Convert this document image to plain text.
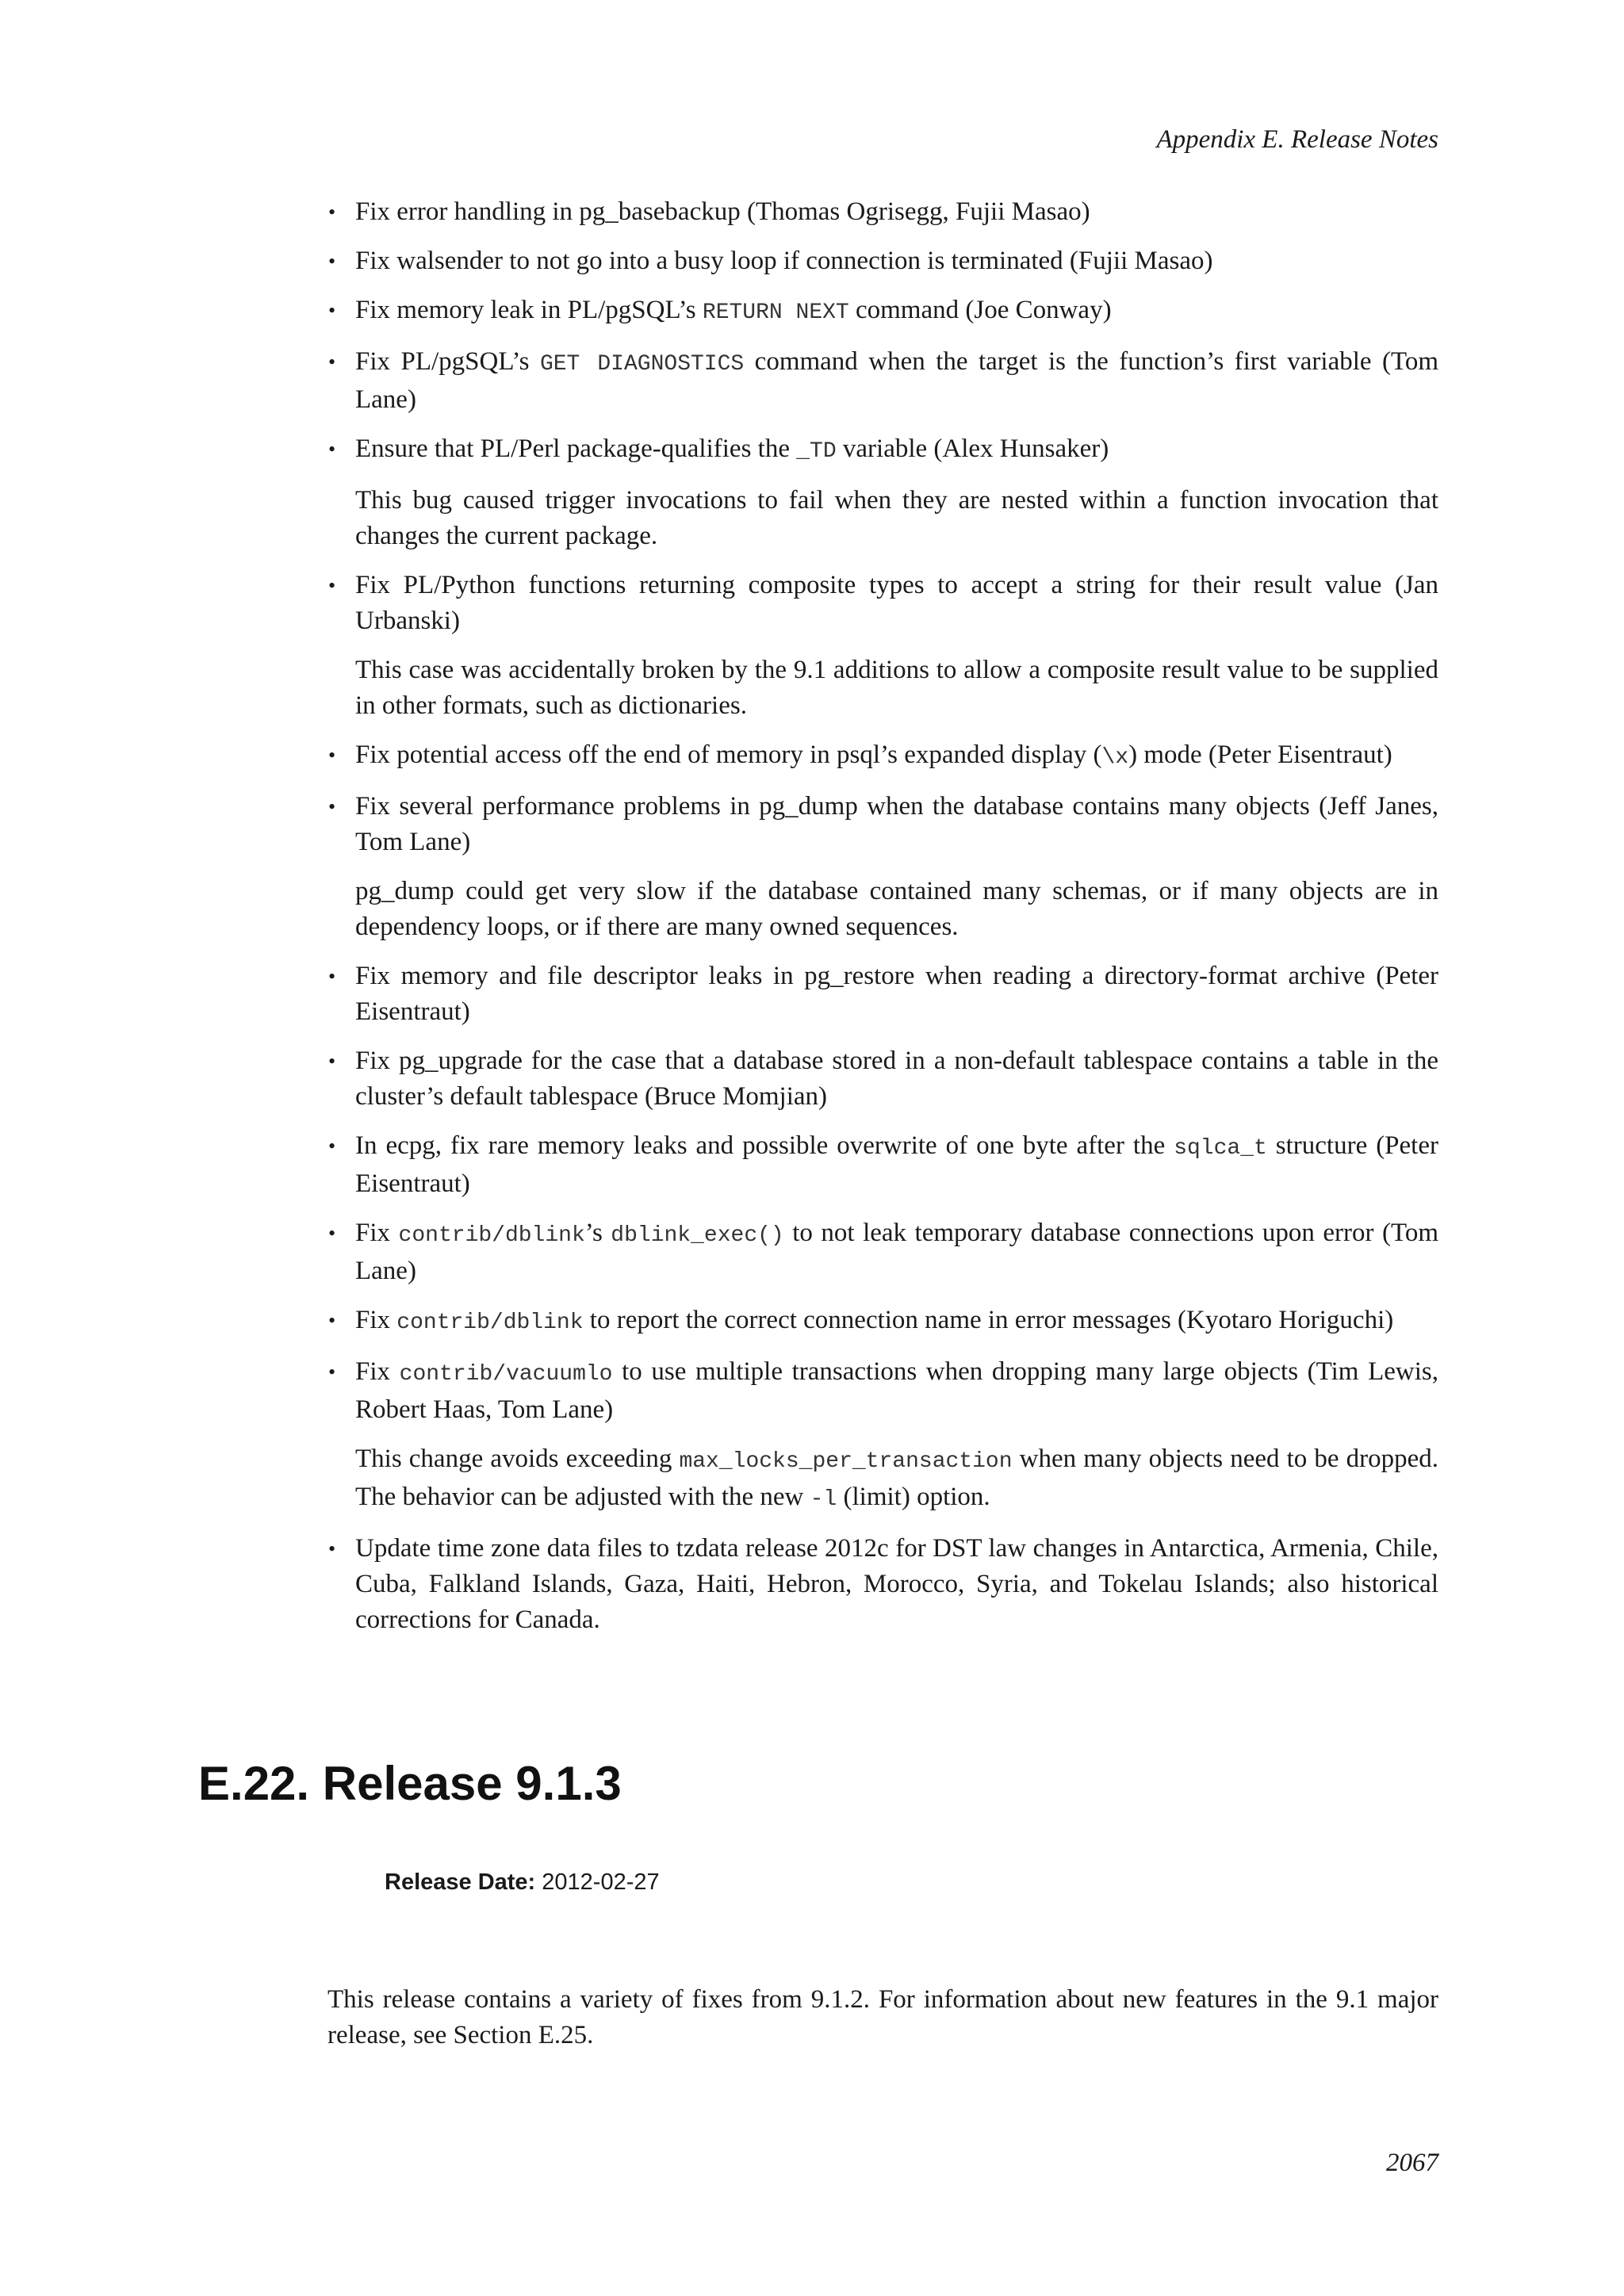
Appendix E. Release Notes
• Fix error handling in pg_basebackup (Thomas Ogrisegg, Fujii Masao)
• Fix walsender to not go into a busy loop if connection is terminated (Fujii Masao)
• Fix memory leak in PL/pgSQL’s RETURN NEXT command (Joe Conway)
• Fix PL/pgSQL’s GET DIAGNOSTICS command when the target is the function’s first variable (Tom Lane)
• Ensure that PL/Perl package-qualifies the _TD variable (Alex Hunsaker)

This bug caused trigger invocations to fail when they are nested within a function invocation that changes the current package.

• Fix PL/Python functions returning composite types to accept a string for their result value (Jan Urbanski)

This case was accidentally broken by the 9.1 additions to allow a composite result value to be supplied in other formats, such as dictionaries.

• Fix potential access off the end of memory in psql’s expanded display (\x) mode (Peter Eisentraut)
• Fix several performance problems in pg_dump when the database contains many objects (Jeff Janes, Tom Lane)

pg_dump could get very slow if the database contained many schemas, or if many objects are in dependency loops, or if there are many owned sequences.

• Fix memory and file descriptor leaks in pg_restore when reading a directory-format archive (Peter Eisentraut)
• Fix pg_upgrade for the case that a database stored in a non-default tablespace contains a table in the cluster’s default tablespace (Bruce Momjian)
• In ecpg, fix rare memory leaks and possible overwrite of one byte after the sqlca_t structure (Peter Eisentraut)
• Fix contrib/dblink’s dblink_exec() to not leak temporary database connections upon error (Tom Lane)
• Fix contrib/dblink to report the correct connection name in error messages (Kyotaro Horiguchi)
• Fix contrib/vacuumlo to use multiple transactions when dropping many large objects (Tim Lewis, Robert Haas, Tom Lane)

This change avoids exceeding max_locks_per_transaction when many objects need to be dropped. The behavior can be adjusted with the new -l (limit) option.

• Update time zone data files to tzdata release 2012c for DST law changes in Antarctica, Armenia, Chile, Cuba, Falkland Islands, Gaza, Haiti, Hebron, Morocco, Syria, and Tokelau Islands; also historical corrections for Canada.
E.22. Release 9.1.3
Release Date: 2012-02-27

This release contains a variety of fixes from 9.1.2. For information about new features in the 9.1 major release, see Section E.25.

2067
